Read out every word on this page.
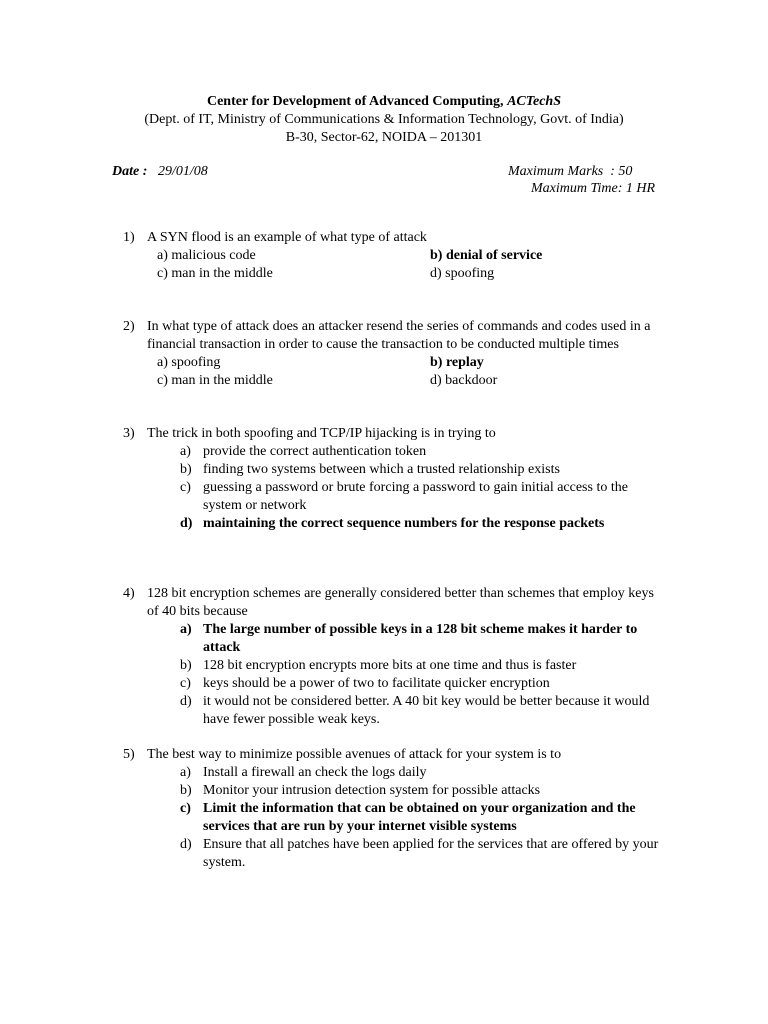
Center for Development of Advanced Computing, ACTechS
(Dept. of IT, Ministry of Communications & Information Technology, Govt. of India)
B-30, Sector-62, NOIDA – 201301
Date : 29/01/08	Maximum Marks  : 50
Maximum Time: 1 HR
1) A SYN flood is an example of what type of attack
a) malicious code	b) denial of service
c) man in the middle	d) spoofing
2) In what type of attack does an attacker resend the series of commands and codes used in a financial transaction in order to cause the transaction to be conducted multiple times
a) spoofing	b) replay
c) man in the middle	d) backdoor
3) The trick in both spoofing and TCP/IP hijacking is in trying to
a) provide the correct authentication token
b) finding two systems between which a trusted relationship exists
c) guessing a password or brute forcing a password to gain initial access to the system or network
d) maintaining the correct sequence numbers for the response packets
4) 128 bit encryption schemes are generally considered better than schemes that employ keys of 40 bits because
a) The large number of possible keys in a 128 bit scheme makes it harder to attack
b) 128 bit encryption encrypts more bits at one time and thus is faster
c) keys should be a power of two to facilitate quicker encryption
d) it would not be considered better. A 40 bit key would be better because it would have fewer possible weak keys.
5) The best way to minimize possible avenues of attack for your system is to
a) Install a firewall an check the logs daily
b) Monitor your intrusion detection system for possible attacks
c) Limit the information that can be obtained on your organization and the services that are run by your internet visible systems
d) Ensure that all patches have been applied for the services that are offered by your system.
